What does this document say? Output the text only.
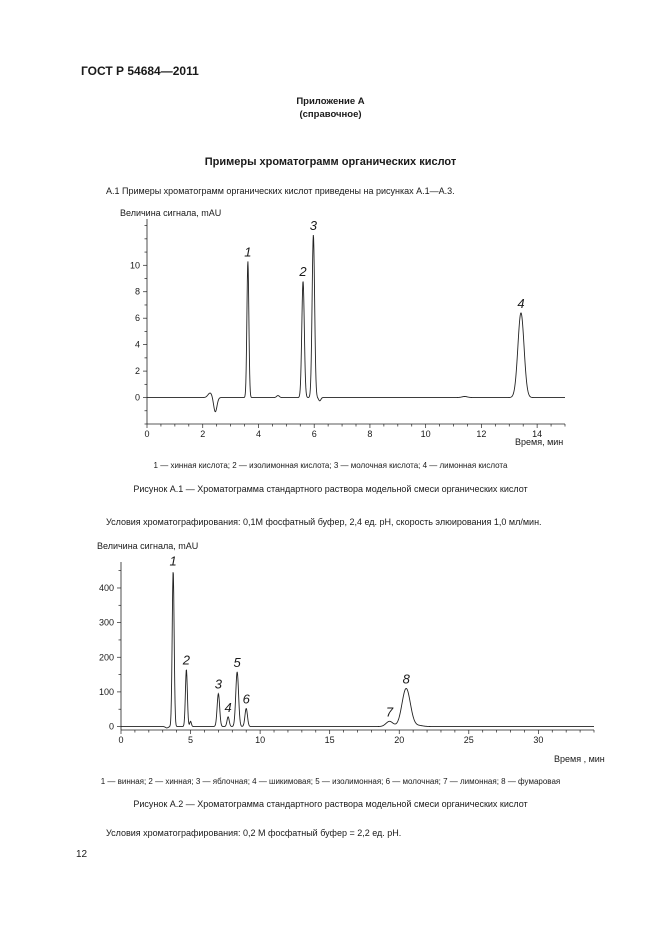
ГОСТ Р 54684—2011
Приложение А
(справочное)
Примеры хроматограмм органических кислот
А.1 Примеры хроматограмм органических кислот приведены на рисунках А.1—А.3.
Величина сигнала, mAU
0	2	4	6	8	10	12	14
0
2
4
6
8
10
1
2
3
4
Время, мин
1 — хинная кислота; 2 — изолимонная кислота; 3 — молочная кислота; 4 — лимонная кислота
Рисунок А.1 — Хроматограмма стандартного раствора модельной смеси органических кислот
Условия хроматографирования: 0,1М фосфатный буфер, 2,4 ед. pH, скорость элюирования 1,0 мл/мин.
Величина сигнала, mAU
0	5	10	15	20	25	30
0
100
200
300
400
1
2
3
4
5
6
7
8
Время , мин
1 — винная; 2 — хинная; 3 — яблочная; 4 — шикимовая; 5 — изолимонная; 6 — молочная; 7 — лимонная; 8 — фумаровая
Рисунок А.2 — Хроматограмма стандартного раствора модельной смеси органических кислот
Условия хроматографирования: 0,2 М фосфатный буфер = 2,2 ед. pH.
12
